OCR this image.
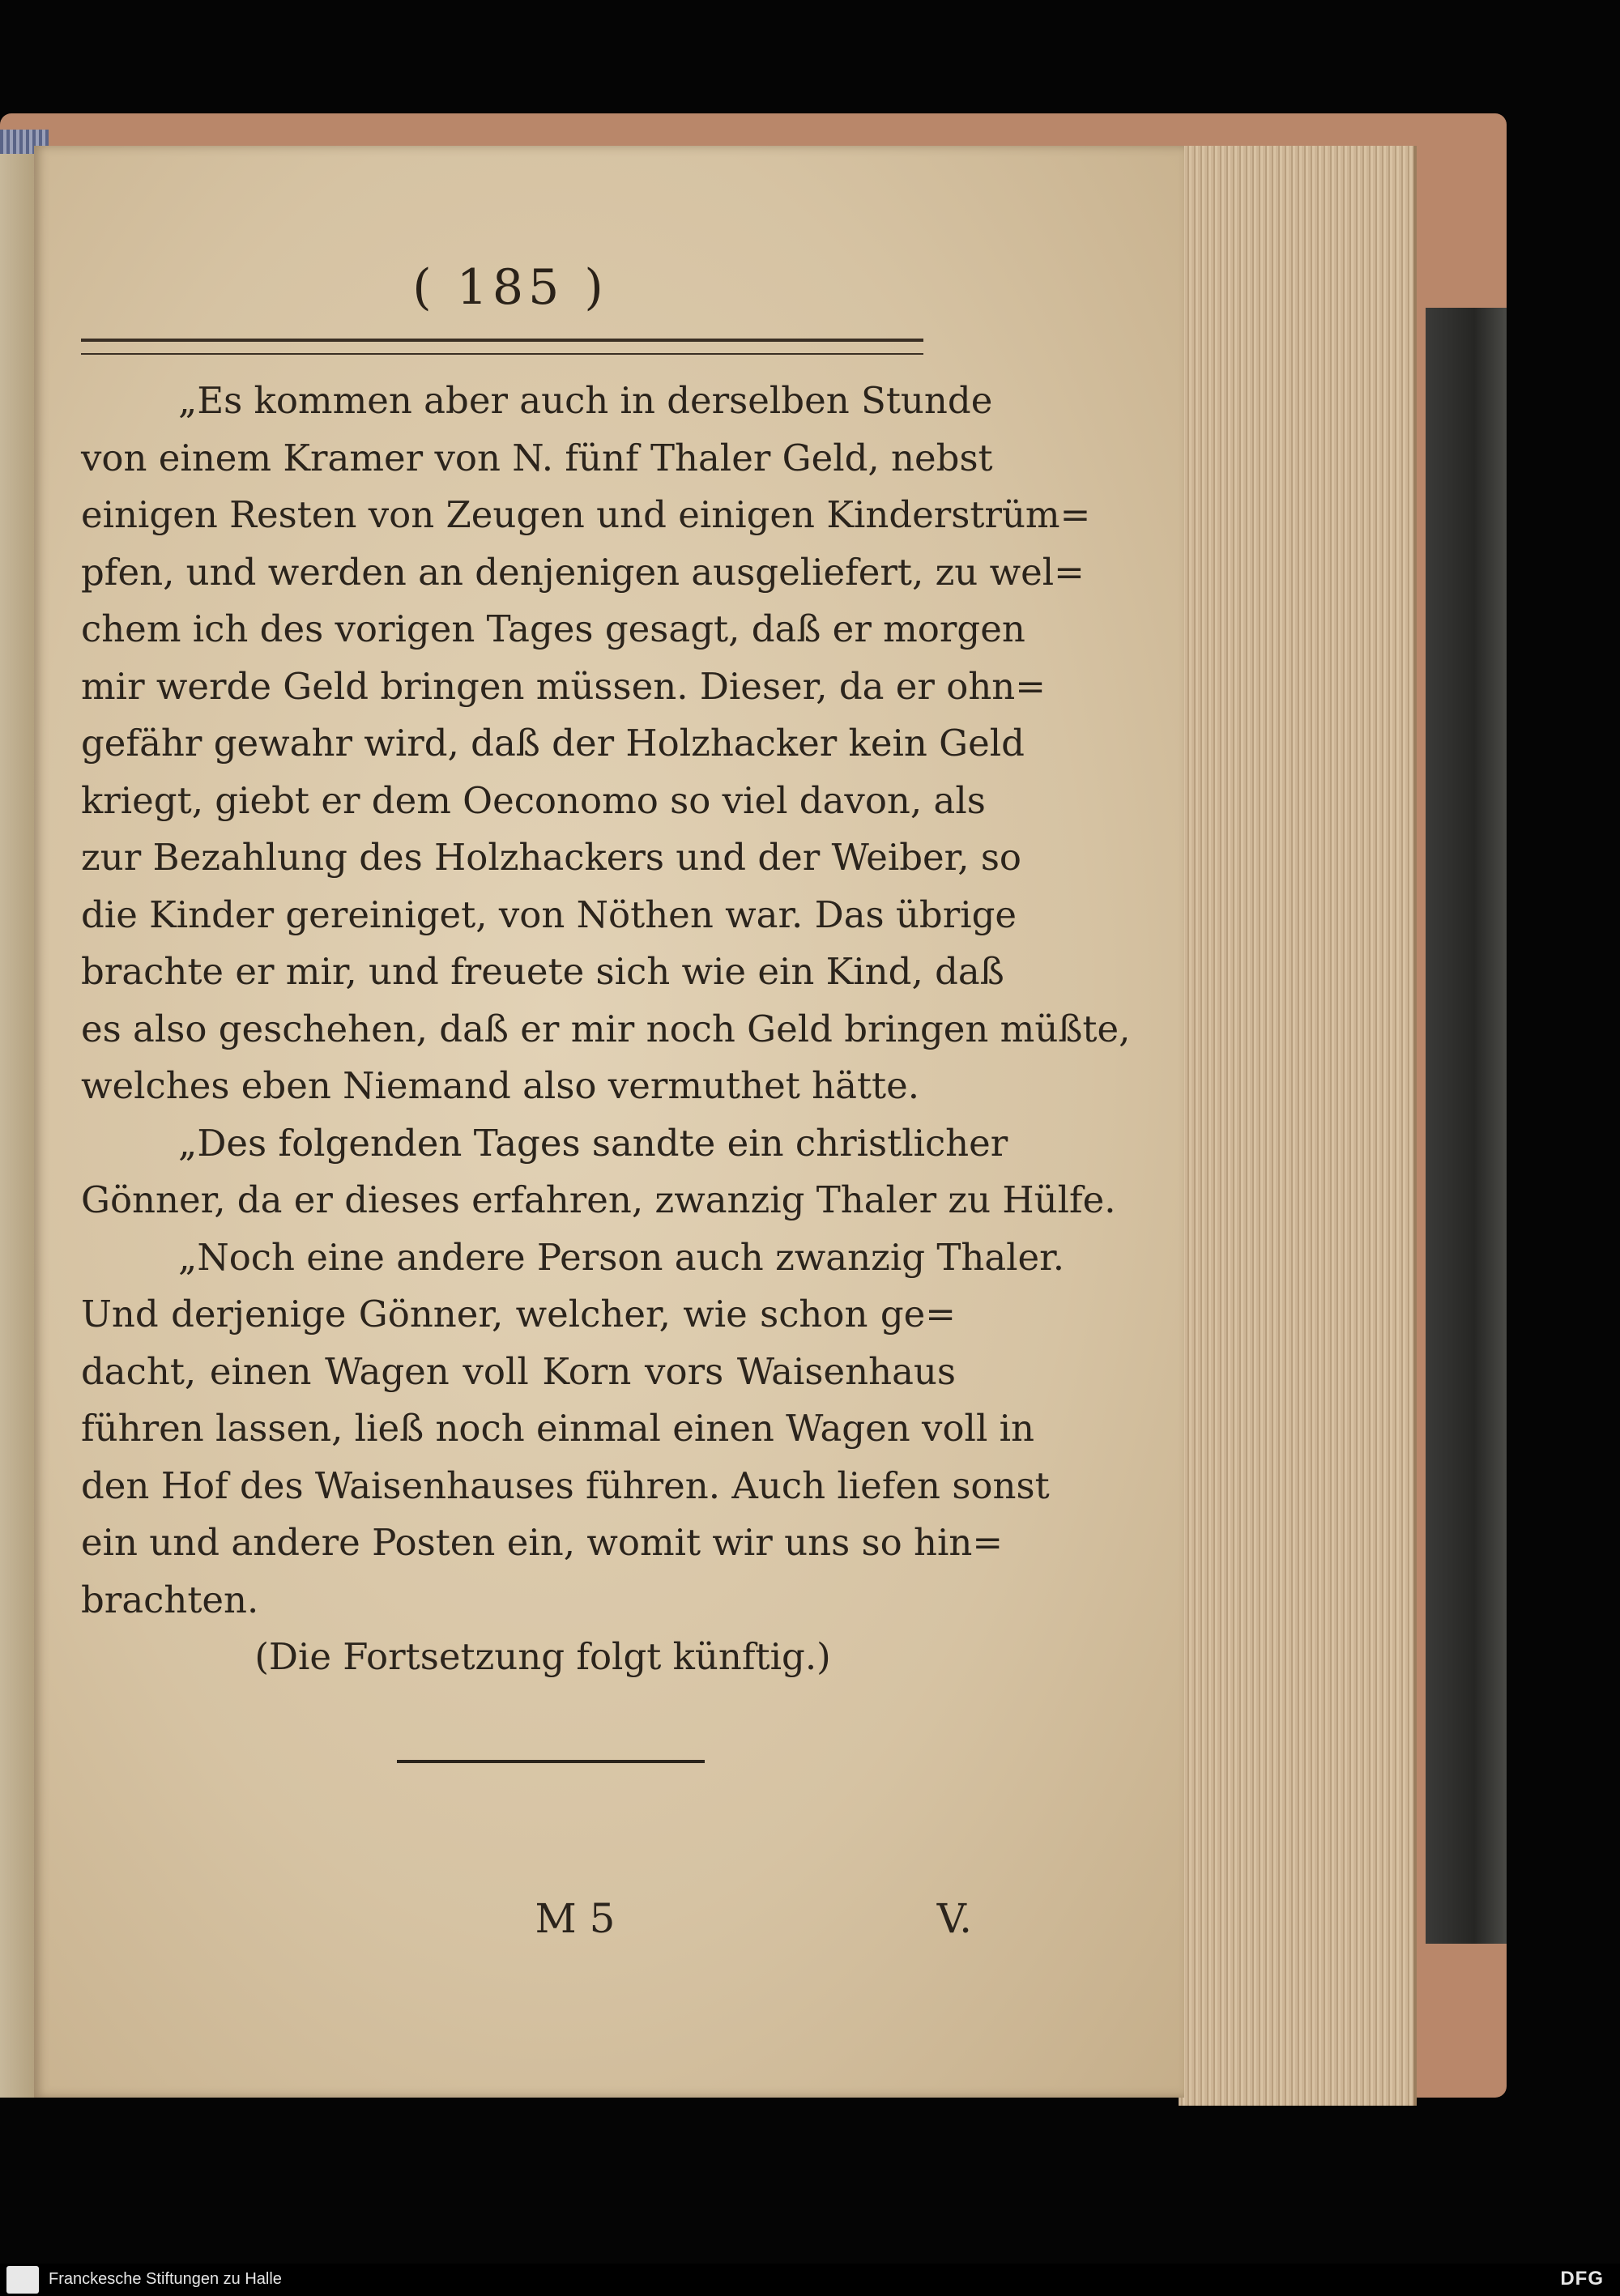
( 185 )
„Es kommen aber auch in derselben Stunde
von einem Kramer von N. fünf Thaler Geld, nebst
einigen Resten von Zeugen und einigen Kinderstrüm=
pfen, und werden an denjenigen ausgeliefert, zu wel=
chem ich des vorigen Tages gesagt, daß er morgen
mir werde Geld bringen müssen. Dieser, da er ohn=
gefähr gewahr wird, daß der Holzhacker kein Geld
kriegt, giebt er dem Oeconomo so viel davon, als
zur Bezahlung des Holzhackers und der Weiber, so
die Kinder gereiniget, von Nöthen war. Das übrige
brachte er mir, und freuete sich wie ein Kind, daß
es also geschehen, daß er mir noch Geld bringen müßte,
welches eben Niemand also vermuthet hätte.
„Des folgenden Tages sandte ein christlicher
Gönner, da er dieses erfahren, zwanzig Thaler zu Hülfe.
„Noch eine andere Person auch zwanzig Thaler.
Und derjenige Gönner, welcher, wie schon ge=
dacht, einen Wagen voll Korn vors Waisenhaus
führen lassen, ließ noch einmal einen Wagen voll in
den Hof des Waisenhauses führen. Auch liefen sonst
ein und andere Posten ein, womit wir uns so hin=
brachten.
(Die Fortsetzung folgt künftig.)
M 5	V.
Franckesche Stiftungen zu Halle	DFG
